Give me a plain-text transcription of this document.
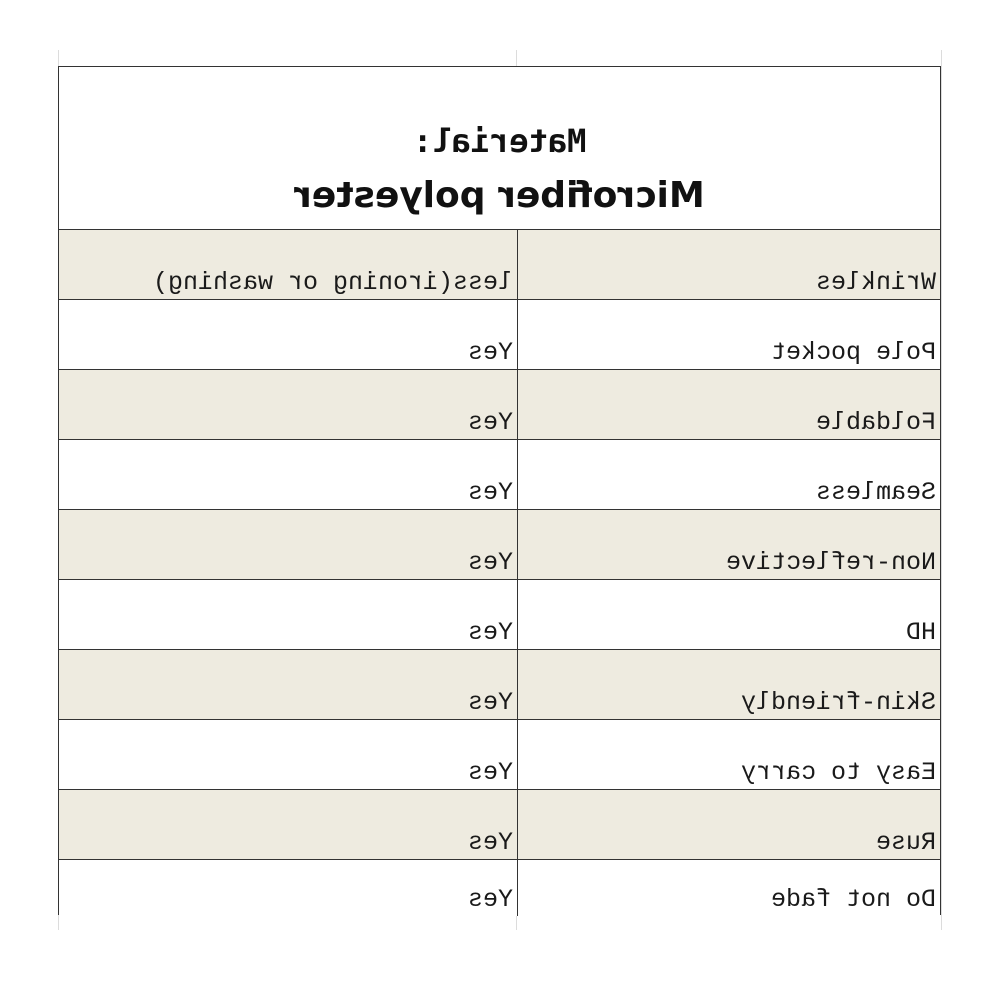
Material:
Microfiber polyester
less(ironing or washing)	Wrinkles
Yes	Pole pocket
Yes	Foldable
Yes	Seamless
Yes	Non-reflective
Yes	HD
Yes	Skin-friendly
Yes	Easy to carry
Yes	Ruse
Yes	Do not fade
